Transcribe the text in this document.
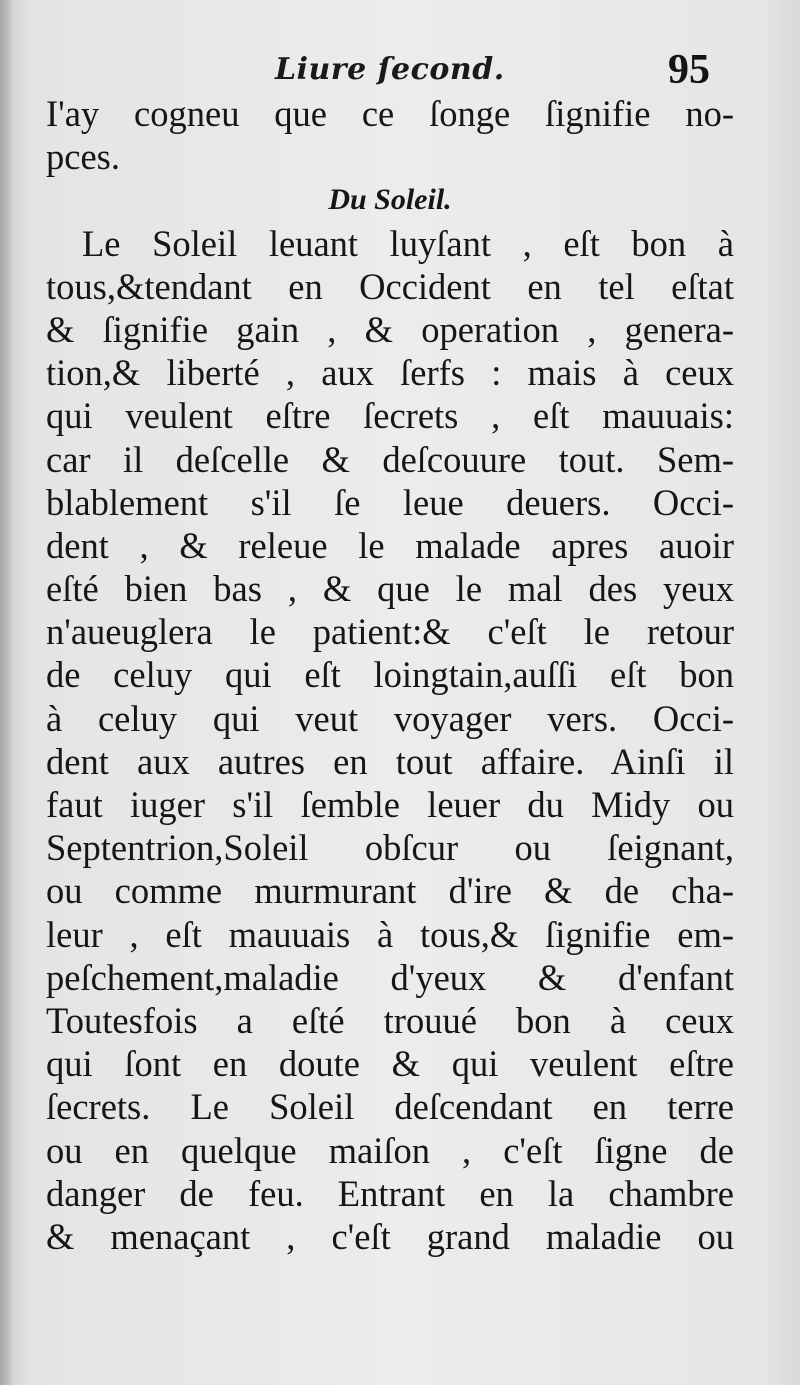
Liure ſecond.	95
I'ay cogneu que ce ſonge ſignifie no-
pces.
Du Soleil.
Le Soleil leuant luyſant , eſt bon à
tous,&tendant en Occident en tel eſtat
& ſignifie gain , & operation , genera-
tion,& liberté , aux ſerfs : mais à ceux
qui veulent eſtre ſecrets , eſt mauuais:
car il deſcelle & deſcouure tout. Sem-
blablement s'il ſe leue deuers. Occi-
dent , & releue le malade apres auoir
eſté bien bas , & que le mal des yeux
n'aueuglera le patient:& c'eſt le retour
de celuy qui eſt loingtain,auſſi eſt bon
à celuy qui veut voyager vers. Occi-
dent aux autres en tout affaire. Ainſi il
faut iuger s'il ſemble leuer du Midy ou
Septentrion,Soleil obſcur ou ſeignant,
ou comme murmurant d'ire & de cha-
leur , eſt mauuais à tous,& ſignifie em-
peſchement,maladie d'yeux & d'enfant
Toutesfois a eſté trouué bon à ceux
qui ſont en doute & qui veulent eſtre
ſecrets. Le Soleil deſcendant en terre
ou en quelque maiſon , c'eſt ſigne de
danger de feu. Entrant en la chambre
& menaçant , c'eſt grand maladie ou
